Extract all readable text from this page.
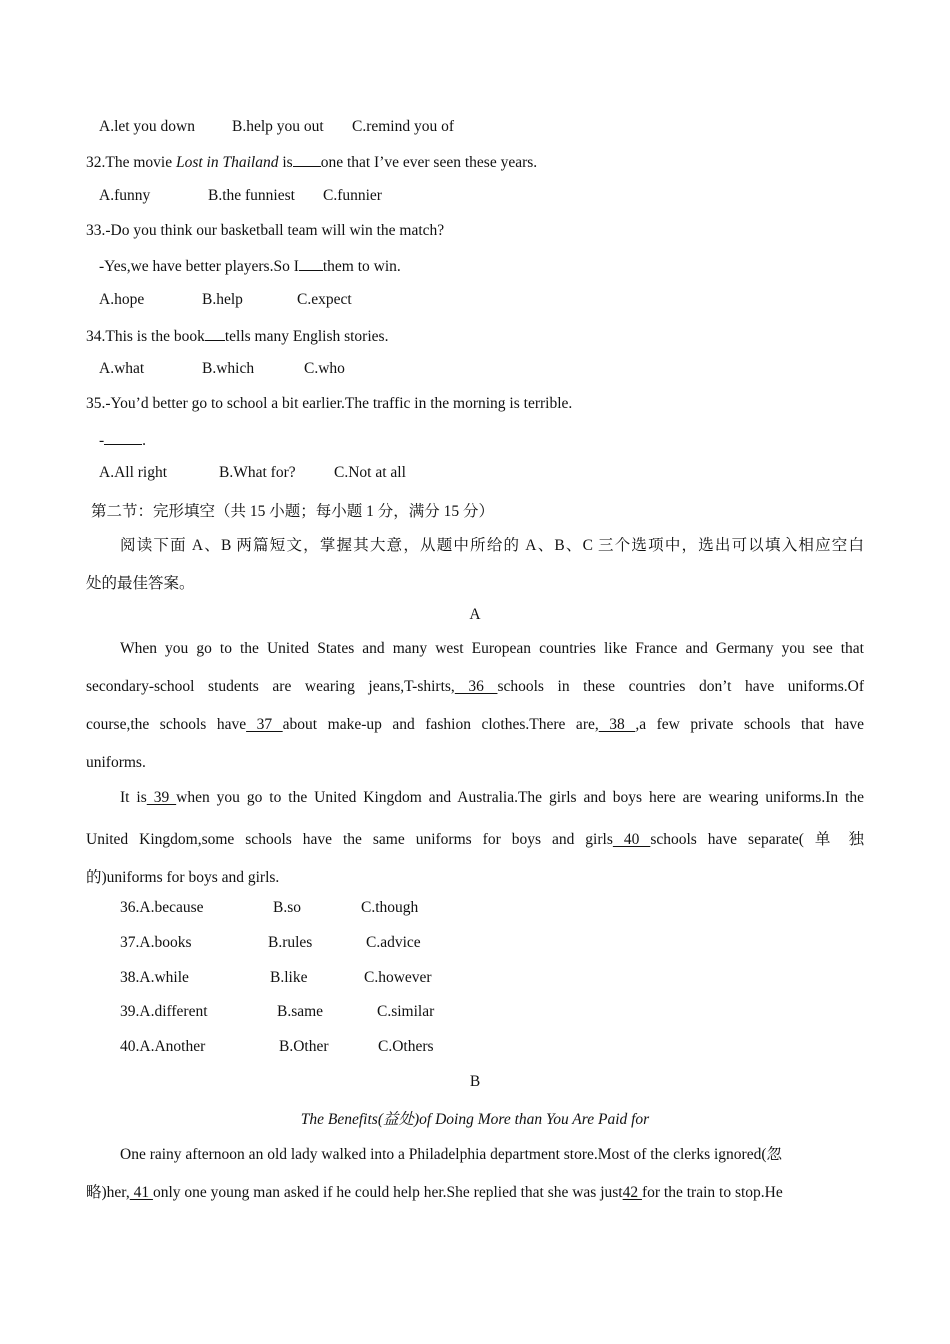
A.let you down B.help you out C.remind you of
32.The movie Lost in Thailand is one that I’ve ever seen these years.
A.funny	B.the funniest C.funnier
33.-Do you think our basketball team will win the match?
-Yes,we have better players.So I them to win.
A.hope	B.help	C.expect
34.This is the book tells many English stories.
A.what	B.which	C.who
35.-You’d better go to school a bit earlier.The traffic in the morning is terrible.
- .
A.All right	B.What for? C.Not at all
第二节：完形填空（共 15 小题；每小题 1 分，满分 15 分）
阅读下面 A、B 两篇短文，掌握其大意，从题中所给的 A、B、C 三个选项中，选出可以填入相应空白
处的最佳答案。
A
When you go to the United States and many west European countries like France and Germany you see that
secondary-school students are wearing jeans,T-shirts, 36 schools in these countries don’t have uniforms.Of
course,the schools have 37 about make-up and fashion clothes.There are, 38 ,a few private schools that have
uniforms.
It is 39 when you go to the United Kingdom and Australia.The girls and boys here are wearing uniforms.In the
United Kingdom,some schools have the same uniforms for boys and girls 40 schools have separate( 单 独
的)uniforms for boys and girls.
36.A.because	B.so	C.though
37.A.books	B.rules	C.advice
38.A.while	B.like	C.however
39.A.different	B.same	C.similar
40.A.Another	B.Other	C.Others
B
The Benefits(益处)of Doing More than You Are Paid for
One rainy afternoon an old lady walked into a Philadelphia department store.Most of the clerks ignored(忽
略)her, 41 only one young man asked if he could help her.She replied that she was just42 for the train to stop.He
